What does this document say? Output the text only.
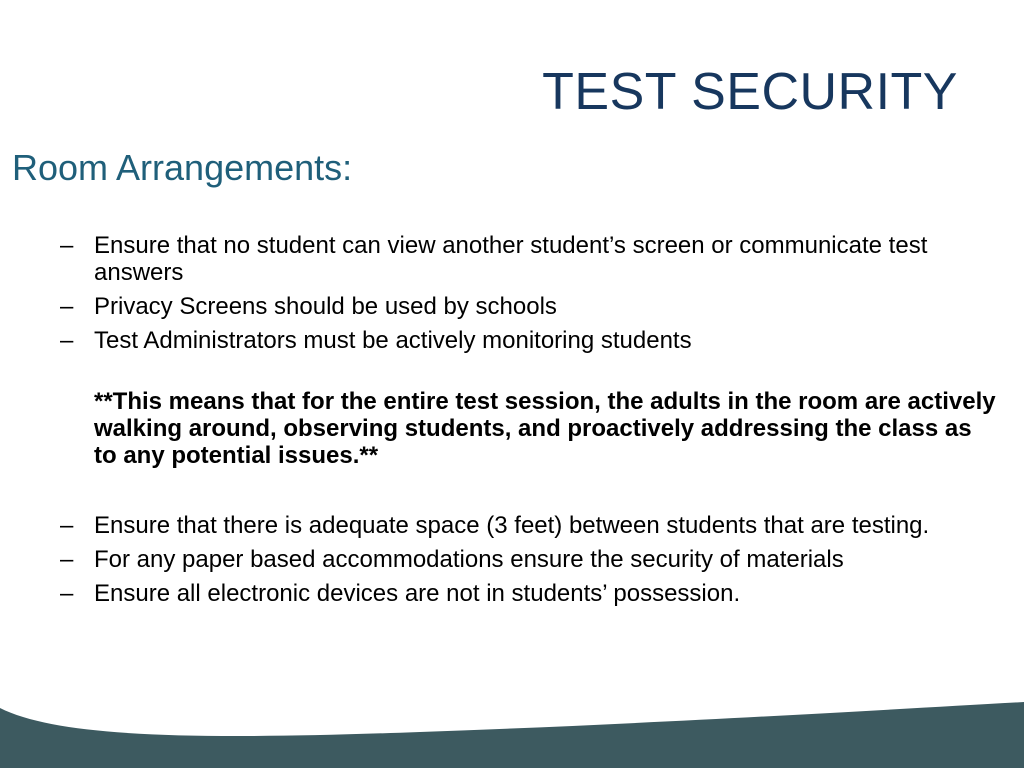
TEST SECURITY
Room Arrangements:
– Ensure that no student can view another student’s screen or communicate test answers
– Privacy Screens should be used by schools
– Test Administrators must be actively monitoring students
**This means that for the entire test session, the adults in the room are actively walking around, observing students, and proactively addressing the class as to any potential issues.**
– Ensure that there is adequate space (3 feet) between students that are testing.
– For any paper based accommodations ensure the security of materials
– Ensure all electronic devices are not in students’ possession.
